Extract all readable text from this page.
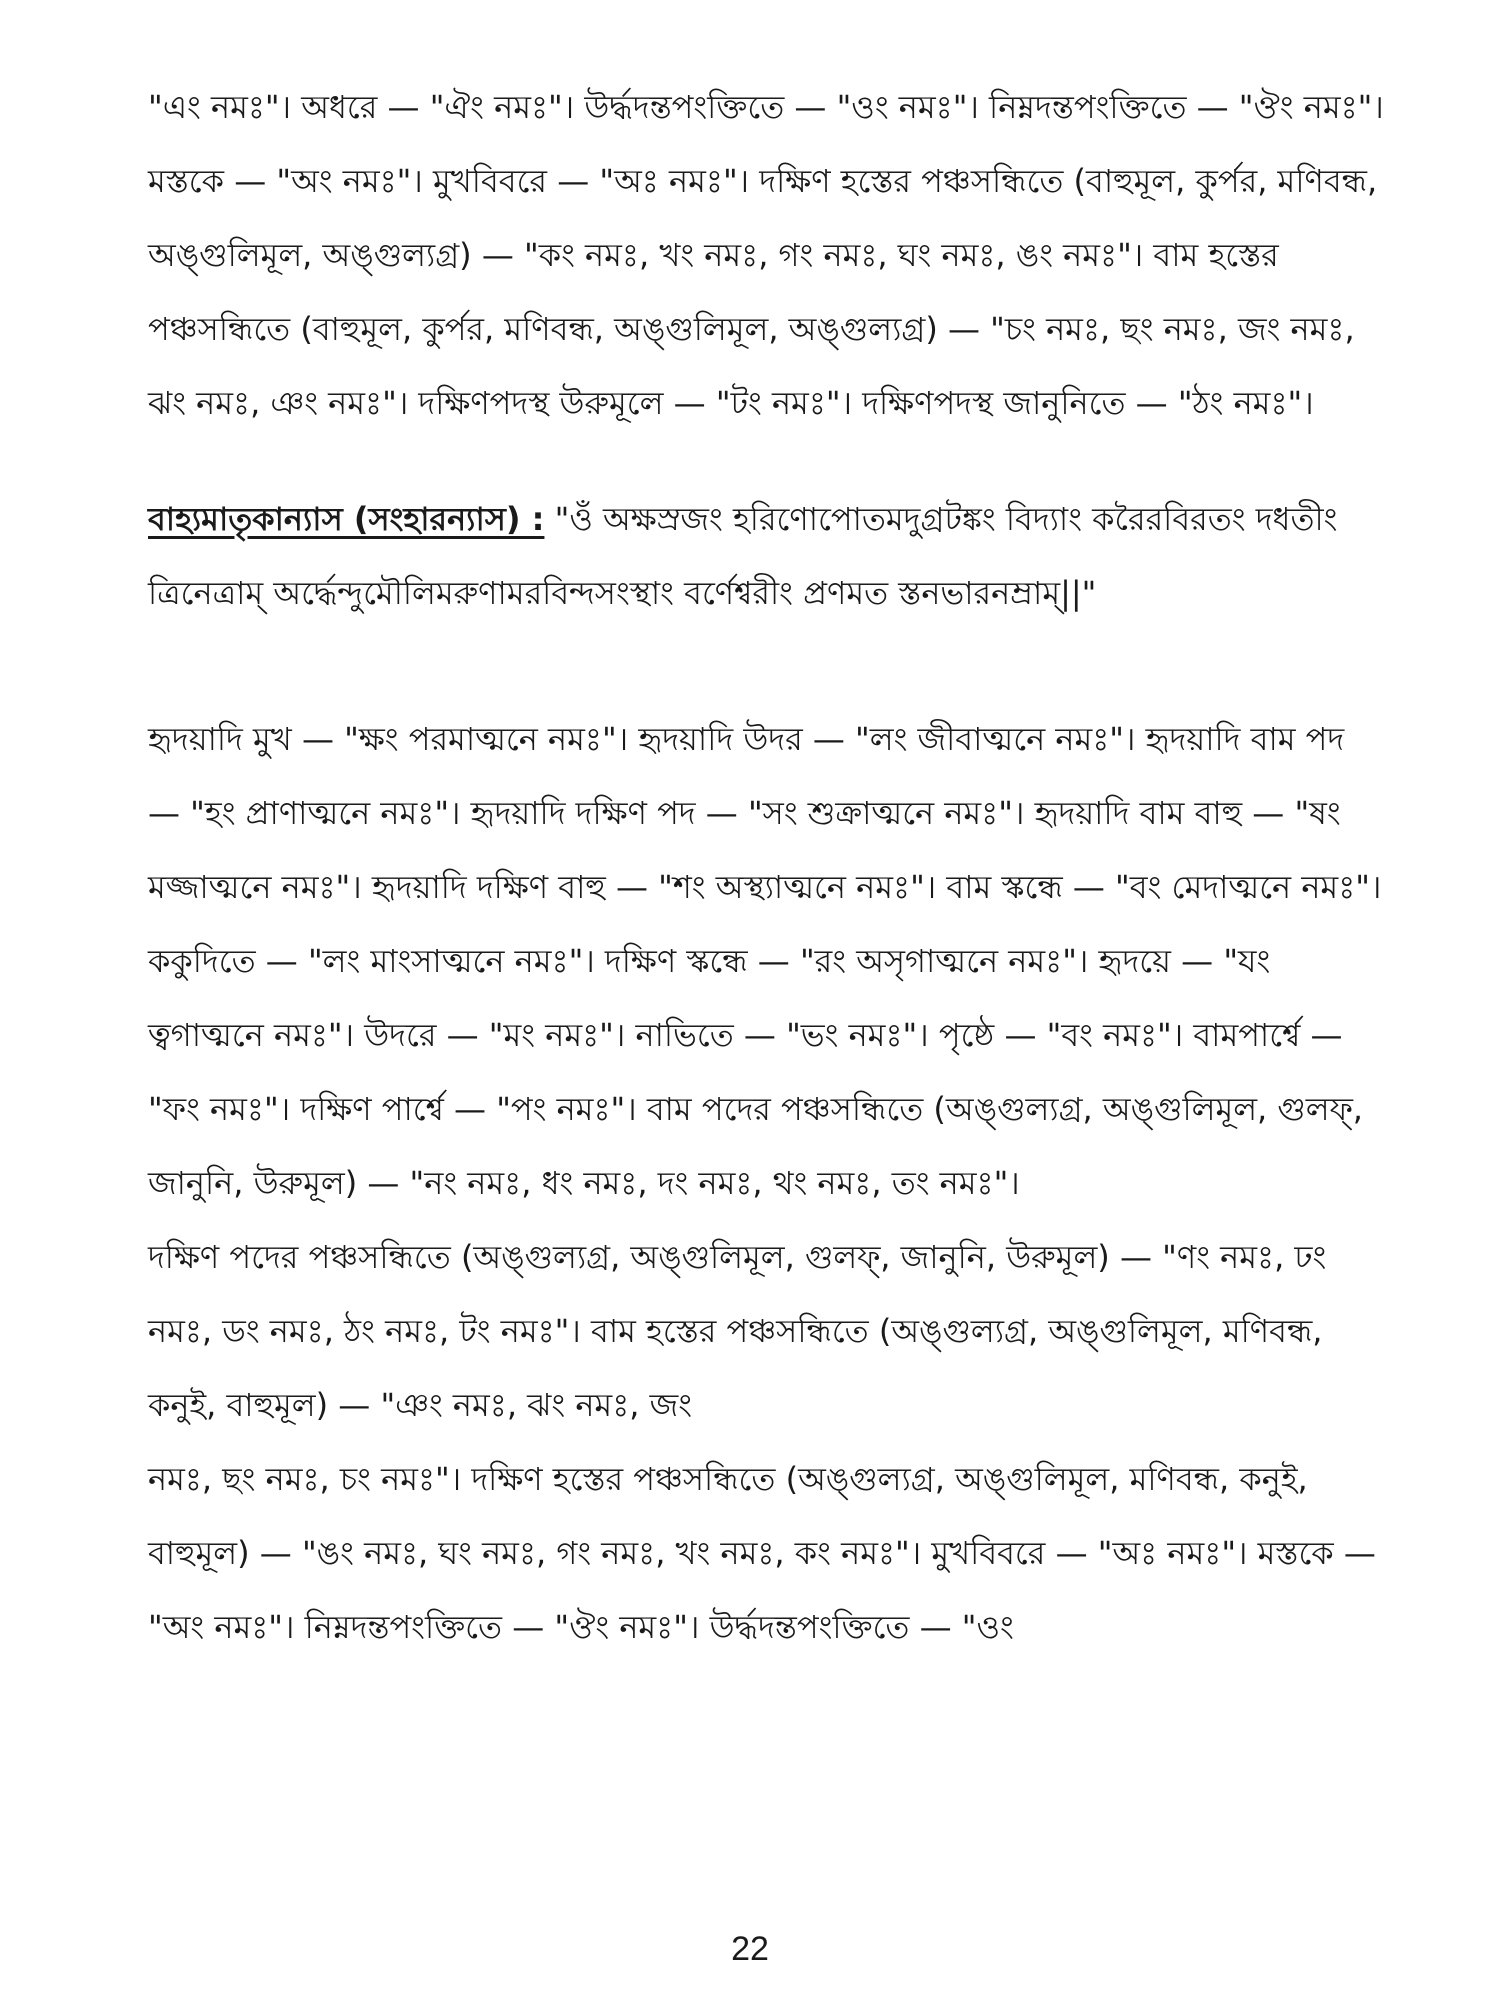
"এং নমঃ"। অধরে — "ঐং নমঃ"। উর্দ্ধদন্তপংক্তিতে — "ওং নমঃ"। নিম্নদন্তপংক্তিতে — "ঔং নমঃ"। মস্তকে — "অং নমঃ"। মুখবিবরে — "অঃ নমঃ"। দক্ষিণ হস্তের পঞ্চসন্ধিতে (বাহুমূল, কুর্পর, মণিবন্ধ, অঙ্গুলিমূল, অঙ্গুল্যগ্র) — "কং নমঃ, খং নমঃ, গং নমঃ, ঘং নমঃ, ঙং নমঃ"। বাম হস্তের পঞ্চসন্ধিতে (বাহুমূল, কুর্পর, মণিবন্ধ, অঙ্গুলিমূল, অঙ্গুল্যগ্র) — "চং নমঃ, ছং নমঃ, জং নমঃ, ঝং নমঃ, ঞং নমঃ"। দক্ষিণপদস্থ উরুমূলে — "টং নমঃ"। দক্ষিণপদস্থ জানুনিতে — "ঠং নমঃ"।

বাহ্যমাতৃকান্যাস (সংহারন্যাস) : "ওঁ অক্ষস্রজং হরিণোপোতমদুগ্রটঙ্কং বিদ্যাং করৈরবিরতং দধতীং ত্রিনেত্রাম্ অর্দ্ধেন্দুমৌলিমরুণামরবিন্দসংস্থাং বর্ণেশ্বরীং প্রণমত স্তনভারনম্রাম্||"

হৃদয়াদি মুখ — "ক্ষং পরমাত্মনে নমঃ"। হৃদয়াদি উদর — "লং জীবাত্মনে নমঃ"। হৃদয়াদি বাম পদ — "হং প্রাণাত্মনে নমঃ"। হৃদয়াদি দক্ষিণ পদ — "সং শুক্রাত্মনে নমঃ"। হৃদয়াদি বাম বাহু — "ষং মজ্জাত্মনে নমঃ"। হৃদয়াদি দক্ষিণ বাহু — "শং অস্থ্যাত্মনে নমঃ"। বাম স্কন্ধে — "বং মেদাত্মনে নমঃ"। ককুদিতে — "লং মাংসাত্মনে নমঃ"। দক্ষিণ স্কন্ধে — "রং অসৃগাত্মনে নমঃ"। হৃদয়ে — "যং ত্বগাত্মনে নমঃ"। উদরে — "মং নমঃ"। নাভিতে — "ভং নমঃ"। পৃষ্ঠে — "বং নমঃ"। বামপার্শ্বে — "ফং নমঃ"। দক্ষিণ পার্শ্বে — "পং নমঃ"। বাম পদের পঞ্চসন্ধিতে (অঙ্গুল্যগ্র, অঙ্গুলিমূল, গুলফ্, জানুনি, উরুমূল) — "নং নমঃ, ধং নমঃ, দং নমঃ, থং নমঃ, তং নমঃ"।

দক্ষিণ পদের পঞ্চসন্ধিতে (অঙ্গুল্যগ্র, অঙ্গুলিমূল, গুলফ্, জানুনি, উরুমূল) — "ণং নমঃ, ঢং নমঃ, ডং নমঃ, ঠং নমঃ, টং নমঃ"। বাম হস্তের পঞ্চসন্ধিতে (অঙ্গুল্যগ্র, অঙ্গুলিমূল, মণিবন্ধ, কনুই, বাহুমূল) — "ঞং নমঃ, ঝং নমঃ, জং

নমঃ, ছং নমঃ, চং নমঃ"। দক্ষিণ হস্তের পঞ্চসন্ধিতে (অঙ্গুল্যগ্র, অঙ্গুলিমূল, মণিবন্ধ, কনুই, বাহুমূল) — "ঙং নমঃ, ঘং নমঃ, গং নমঃ, খং নমঃ, কং নমঃ"। মুখবিবরে — "অঃ নমঃ"। মস্তকে — "অং নমঃ"। নিম্নদন্তপংক্তিতে — "ঔং নমঃ"। উর্দ্ধদন্তপংক্তিতে — "ওং

22
